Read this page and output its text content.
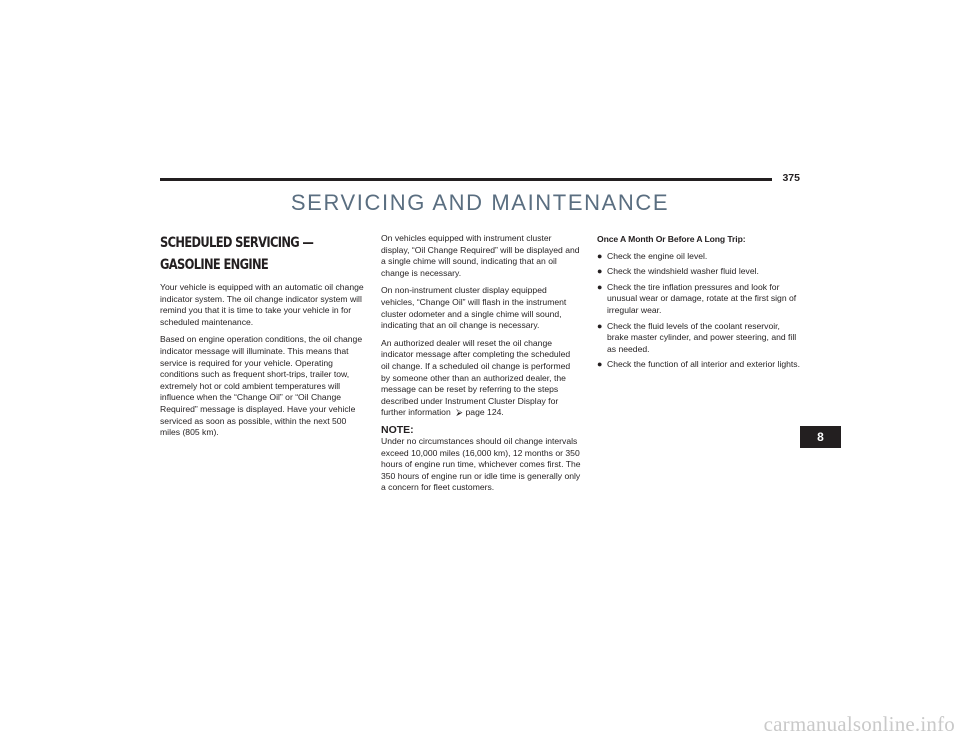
375
SERVICING AND MAINTENANCE
SCHEDULED SERVICING — GASOLINE ENGINE

Your vehicle is equipped with an automatic oil change indicator system. The oil change indicator system will remind you that it is time to take your vehicle in for scheduled maintenance.

Based on engine operation conditions, the oil change indicator message will illuminate. This means that service is required for your vehicle. Operating conditions such as frequent short-trips, trailer tow, extremely hot or cold ambient temperatures will influence when the “Change Oil” or “Oil Change Required” message is displayed. Have your vehicle serviced as soon as possible, within the next 500 miles (805 km).

On vehicles equipped with instrument cluster display, “Oil Change Required” will be displayed and a single chime will sound, indicating that an oil change is necessary.

On non-instrument cluster display equipped vehicles, “Change Oil” will flash in the instrument cluster odometer and a single chime will sound, indicating that an oil change is necessary.

An authorized dealer will reset the oil change indicator message after completing the scheduled oil change. If a scheduled oil change is performed by someone other than an authorized dealer, the message can be reset by referring to the steps described under Instrument Cluster Display for further information ⮚ page 124.

NOTE:

Under no circumstances should oil change intervals exceed 10,000 miles (16,000 km), 12 months or 350 hours of engine run time, whichever comes first. The 350 hours of engine run or idle time is generally only a concern for fleet customers.

Once A Month Or Before A Long Trip:
● Check the engine oil level.
● Check the windshield washer fluid level.
● Check the tire inflation pressures and look for unusual wear or damage, rotate at the first sign of irregular wear.
● Check the fluid levels of the coolant reservoir, brake master cylinder, and power steering, and fill as needed.
● Check the function of all interior and exterior lights.
8
carmanualsonline.info
